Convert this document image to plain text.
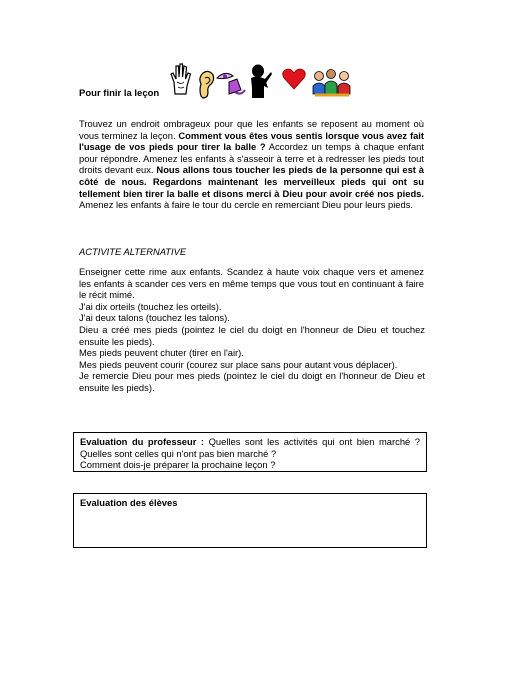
Pour finir la leçon

Trouvez un endroit ombrageux pour que les enfants se reposent au moment où vous terminez la leçon. Comment vous êtes vous sentis lorsque vous avez fait l'usage de vos pieds pour tirer la balle ? Accordez un temps à chaque enfant pour répondre. Amenez les enfants à s'asseoir à terre et à redresser les pieds tout droits devant eux. Nous allons tous toucher les pieds de la personne qui est à côté de nous. Regardons maintenant les merveilleux pieds qui ont su tellement bien tirer la balle et disons merci à Dieu pour avoir créé nos pieds. Amenez les enfants à faire le tour du cercle en remerciant Dieu pour leurs pieds.

ACTIVITE ALTERNATIVE
Enseigner cette rime aux enfants. Scandez à haute voix chaque vers et amenez les enfants à scander ces vers en même temps que vous tout en continuant à faire le récit mimé.
J'ai dix orteils (touchez les orteils).
J'ai deux talons (touchez les talons).
Dieu a créé mes pieds (pointez le ciel du doigt en l'honneur de Dieu et touchez ensuite les pieds).
Mes pieds peuvent chuter (tirer en l'air).
Mes pieds peuvent courir (courez sur place sans pour autant vous déplacer).
Je remercie Dieu pour mes pieds (pointez le ciel du doigt en l'honneur de Dieu et ensuite les pieds).
Evaluation du professeur : Quelles sont les activités qui ont bien marché ? Quelles sont celles qui n'ont pas bien marché ?
Comment dois-je préparer la prochaine leçon ?
Evaluation des élèves
